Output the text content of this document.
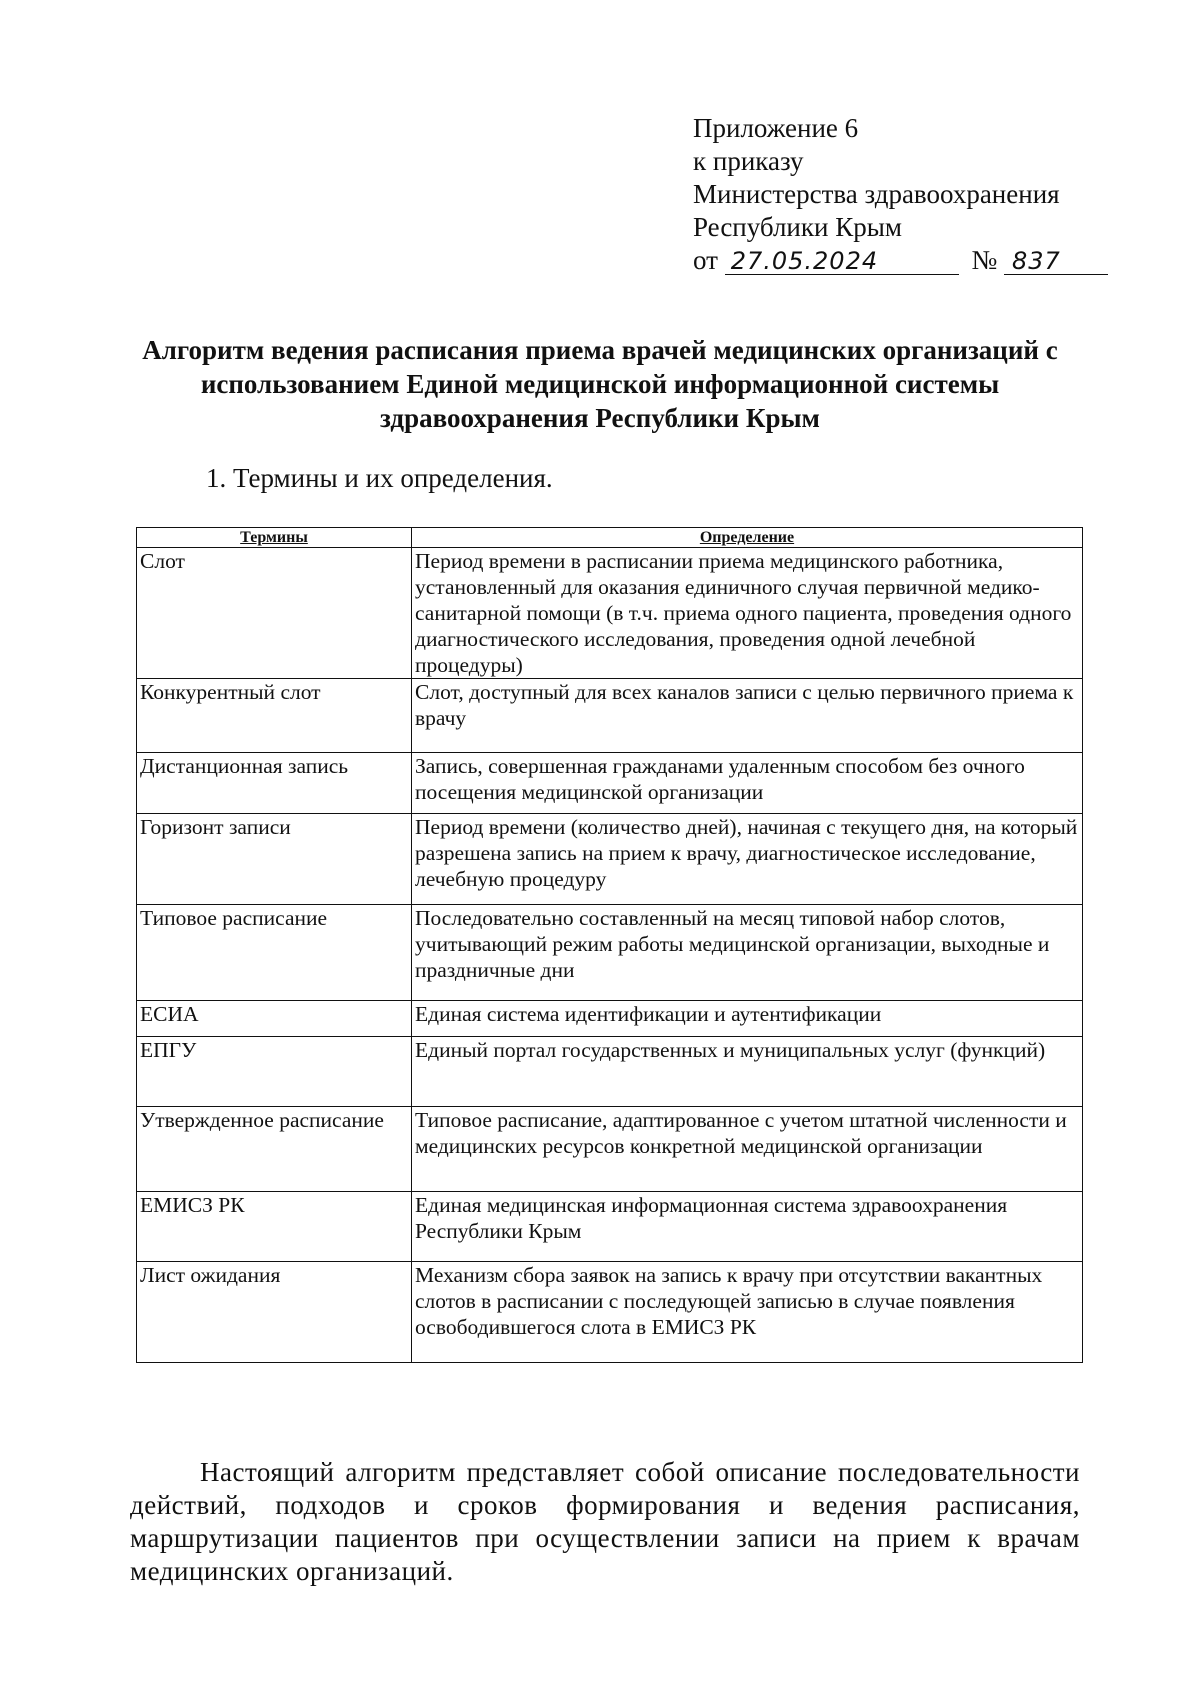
Приложение 6
к приказу
Министерства здравоохранения
Республики Крым
от 27.05.2024	№ 837
Алгоритм ведения расписания приема врачей медицинских организаций с
использованием Единой медицинской информационной системы
здравоохранения Республики Крым
1. Термины и их определения.
Термины	Определение
Слот	Период времени в расписании приема медицинского работника, установленный для оказания единичного случая первичной медико-санитарной помощи (в т.ч. приема одного пациента, проведения одного диагностического исследования, проведения одной лечебной процедуры)
Конкурентный слот	Слот, доступный для всех каналов записи с целью первичного приема к врачу
Дистанционная запись	Запись, совершенная гражданами удаленным способом без очного посещения медицинской организации
Горизонт записи	Период времени (количество дней), начиная с текущего дня, на который разрешена запись на прием к врачу, диагностическое исследование, лечебную процедуру
Типовое расписание	Последовательно составленный на месяц типовой набор слотов, учитывающий режим работы медицинской организации, выходные и праздничные дни
ЕСИА	Единая система идентификации и аутентификации
ЕПГУ	Единый портал государственных и муниципальных услуг (функций)
Утвержденное расписание	Типовое расписание, адаптированное с учетом штатной численности и медицинских ресурсов конкретной медицинской организации
ЕМИСЗ РК	Единая медицинская информационная система здравоохранения Республики Крым
Лист ожидания	Механизм сбора заявок на запись к врачу при отсутствии вакантных слотов в расписании с последующей записью в случае появления освободившегося слота в ЕМИСЗ РК

Настоящий алгоритм представляет собой описание последовательности действий, подходов и сроков формирования и ведения расписания, маршрутизации пациентов при осуществлении записи на прием к врачам медицинских организаций.
